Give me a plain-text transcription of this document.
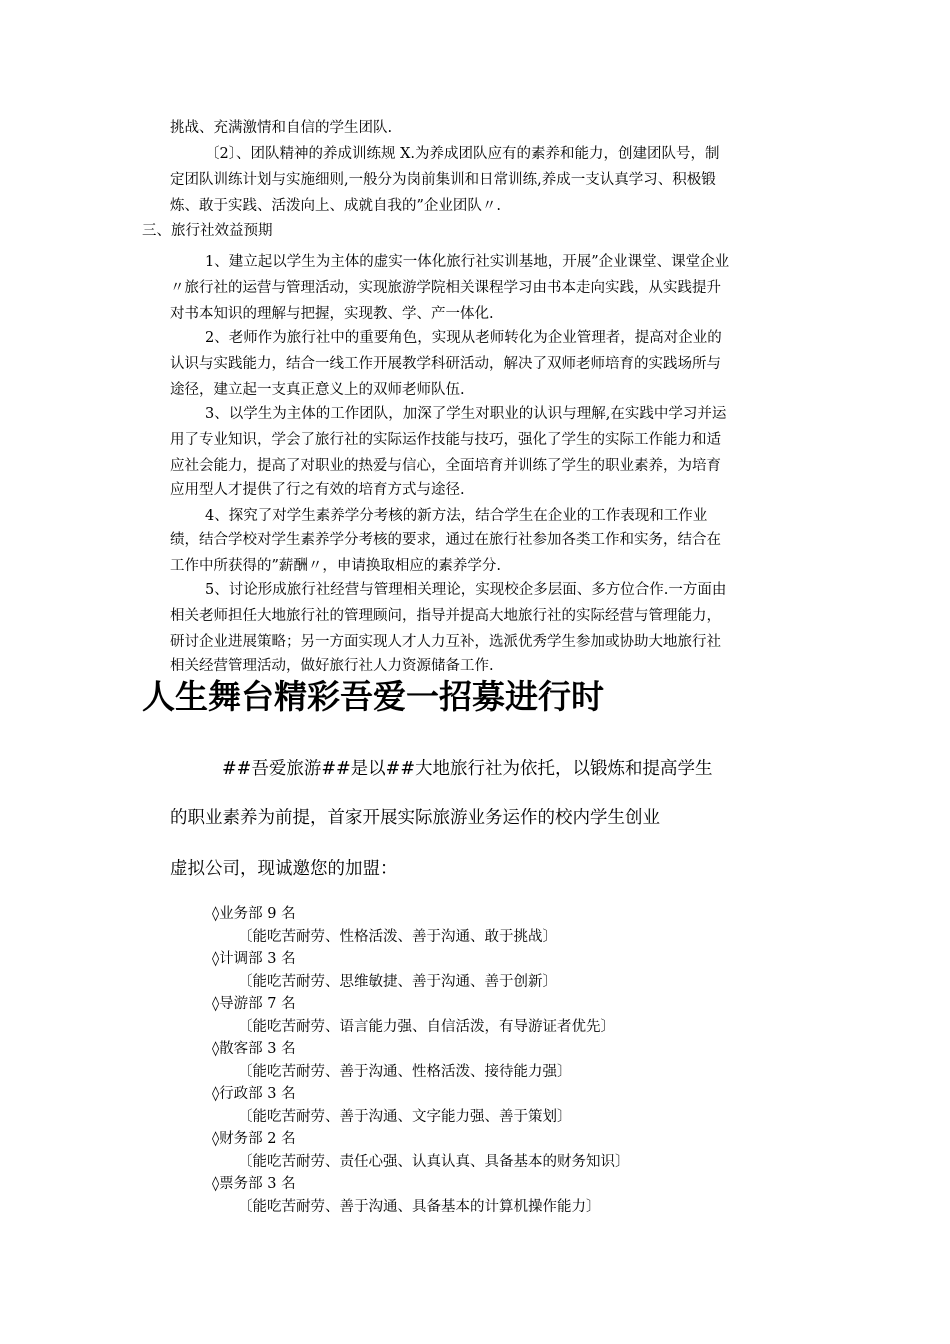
挑战、充满激情和自信的学生团队.
〔2〕、团队精神的养成训练规 X.为养成团队应有的素养和能力，创建团队号，制
定团队训练计划与实施细则,一般分为岗前集训和日常训练,养成一支认真学习、积极锻
炼、敢于实践、活泼向上、成就自我的”企业团队〃.
三、旅行社效益预期
1、建立起以学生为主体的虚实一体化旅行社实训基地，开展”企业课堂、课堂企业
〃旅行社的运营与管理活动，实现旅游学院相关课程学习由书本走向实践，从实践提升
对书本知识的理解与把握，实现教、学、产一体化.
2、老师作为旅行社中的重要角色，实现从老师转化为企业管理者，提高对企业的
认识与实践能力，结合一线工作开展教学科研活动，解决了双师老师培育的实践场所与
途径，建立起一支真正意义上的双师老师队伍.
3、以学生为主体的工作团队，加深了学生对职业的认识与理解,在实践中学习并运
用了专业知识，学会了旅行社的实际运作技能与技巧，强化了学生的实际工作能力和适
应社会能力，提高了对职业的热爱与信心，全面培育并训练了学生的职业素养，为培育
应用型人才提供了行之有效的培育方式与途径.
4、探究了对学生素养学分考核的新方法，结合学生在企业的工作表现和工作业
绩，结合学校对学生素养学分考核的要求，通过在旅行社参加各类工作和实务，结合在
工作中所获得的”薪酬〃，申请换取相应的素养学分.
5、讨论形成旅行社经营与管理相关理论，实现校企多层面、多方位合作.一方面由
相关老师担任大地旅行社的管理顾问，指导并提高大地旅行社的实际经营与管理能力，
研讨企业进展策略；另一方面实现人才人力互补，选派优秀学生参加或协助大地旅行社
相关经营管理活动，做好旅行社人力资源储备工作.
人生舞台精彩吾爱一招募进行时
##吾爱旅游##是以##大地旅行社为依托，以锻炼和提高学生
的职业素养为前提，首家开展实际旅游业务运作的校内学生创业
虚拟公司，现诚邀您的加盟：
◊业务部 9 名
〔能吃苦耐劳、性格活泼、善于沟通、敢于挑战〕
◊计调部 3 名
〔能吃苦耐劳、思维敏捷、善于沟通、善于创新〕
◊导游部 7 名
〔能吃苦耐劳、语言能力强、自信活泼，有导游证者优先〕
◊散客部 3 名
〔能吃苦耐劳、善于沟通、性格活泼、接待能力强〕
◊行政部 3 名
〔能吃苦耐劳、善于沟通、文字能力强、善于策划〕
◊财务部 2 名
〔能吃苦耐劳、责任心强、认真认真、具备基本的财务知识〕
◊票务部 3 名
〔能吃苦耐劳、善于沟通、具备基本的计算机操作能力〕
